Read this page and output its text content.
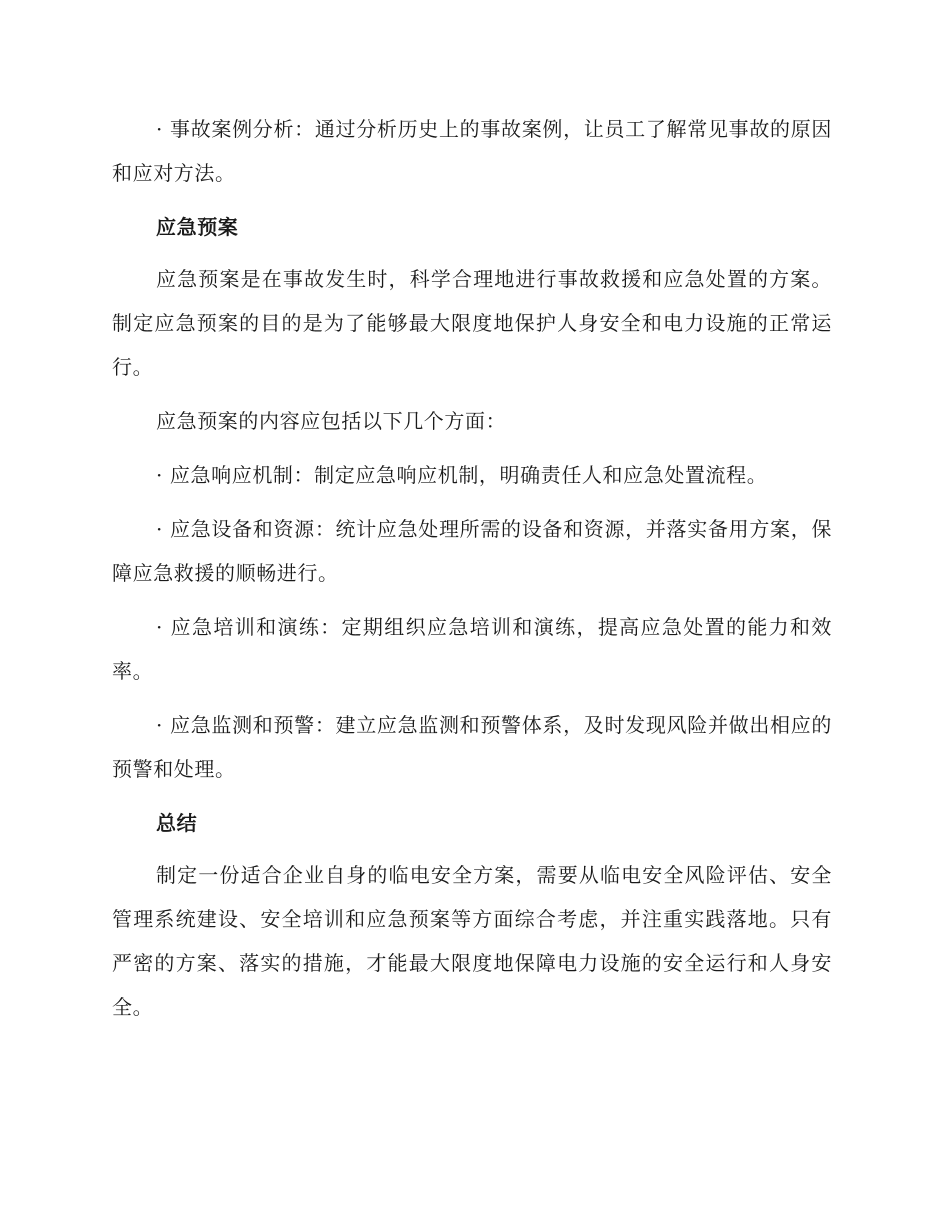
· 事故案例分析：通过分析历史上的事故案例，让员工了解常见事故的原因和应对方法。

应急预案

应急预案是在事故发生时，科学合理地进行事故救援和应急处置的方案。制定应急预案的目的是为了能够最大限度地保护人身安全和电力设施的正常运行。

应急预案的内容应包括以下几个方面：

· 应急响应机制：制定应急响应机制，明确责任人和应急处置流程。

· 应急设备和资源：统计应急处理所需的设备和资源，并落实备用方案，保障应急救援的顺畅进行。

· 应急培训和演练：定期组织应急培训和演练，提高应急处置的能力和效率。

· 应急监测和预警：建立应急监测和预警体系，及时发现风险并做出相应的预警和处理。

总结

制定一份适合企业自身的临电安全方案，需要从临电安全风险评估、安全管理系统建设、安全培训和应急预案等方面综合考虑，并注重实践落地。只有严密的方案、落实的措施，才能最大限度地保障电力设施的安全运行和人身安全。
